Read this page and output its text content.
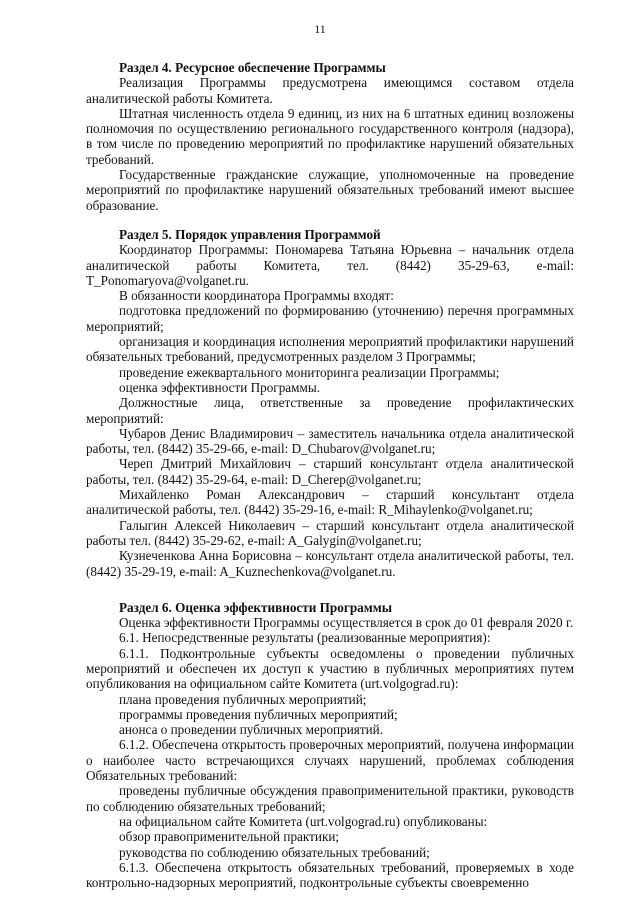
11

Раздел 4. Ресурсное обеспечение Программы

Реализация Программы предусмотрена имеющимся составом отдела аналитической работы Комитета.

Штатная численность отдела 9 единиц, из них на 6 штатных единиц возложены полномочия по осуществлению регионального государственного контроля (надзора), в том числе по проведению мероприятий по профилактике нарушений обязательных требований.

Государственные гражданские служащие, уполномоченные на проведение мероприятий по профилактике нарушений обязательных требований имеют высшее образование.

Раздел 5. Порядок управления Программой

Координатор Программы: Пономарева Татьяна Юрьевна – начальник отдела аналитической работы Комитета, тел. (8442) 35-29-63, e-mail: T_Ponomaryova@volganet.ru.

В обязанности координатора Программы входят:

подготовка предложений по формированию (уточнению) перечня программных мероприятий;

организация и координация исполнения мероприятий профилактики нарушений обязательных требований, предусмотренных разделом 3 Программы;

проведение ежеквартального мониторинга реализации Программы;

оценка эффективности Программы.

Должностные лица, ответственные за проведение профилактических мероприятий:

Чубаров Денис Владимирович – заместитель начальника отдела аналитической работы, тел. (8442) 35-29-66, e-mail: D_Chubarov@volganet.ru;

Череп Дмитрий Михайлович – старший консультант отдела аналитической работы, тел. (8442) 35-29-64, e-mail: D_Cherep@volganet.ru;

Михайленко Роман Александрович – старший консультант отдела аналитической работы, тел. (8442) 35-29-16, e-mail: R_Mihaylenko@volganet.ru;

Галыгин Алексей Николаевич – старший консультант отдела аналитической работы тел. (8442) 35-29-62, e-mail: A_Galygin@volganet.ru;

Кузнеченкова Анна Борисовна – консультант отдела аналитической работы, тел. (8442) 35-29-19, e-mail: A_Kuznechenkova@volganet.ru.

Раздел 6. Оценка эффективности Программы

Оценка эффективности Программы осуществляется в срок до 01 февраля 2020 г.

6.1. Непосредственные результаты (реализованные мероприятия):

6.1.1. Подконтрольные субъекты осведомлены о проведении публичных мероприятий и обеспечен их доступ к участию в публичных мероприятиях путем опубликования на официальном сайте Комитета (urt.volgograd.ru):

плана проведения публичных мероприятий;

программы проведения публичных мероприятий;

анонса о проведении публичных мероприятий.

6.1.2. Обеспечена открытость проверочных мероприятий, получена информации о наиболее часто встречающихся случаях нарушений, проблемах соблюдения Обязательных требований:

проведены публичные обсуждения правоприменительной практики, руководств по соблюдению обязательных требований;

на официальном сайте Комитета (urt.volgograd.ru) опубликованы:

обзор правоприменительной практики;

руководства по соблюдению обязательных требований;

6.1.3. Обеспечена открытость обязательных требований, проверяемых в ходе контрольно-надзорных мероприятий, подконтрольные субъекты своевременно
